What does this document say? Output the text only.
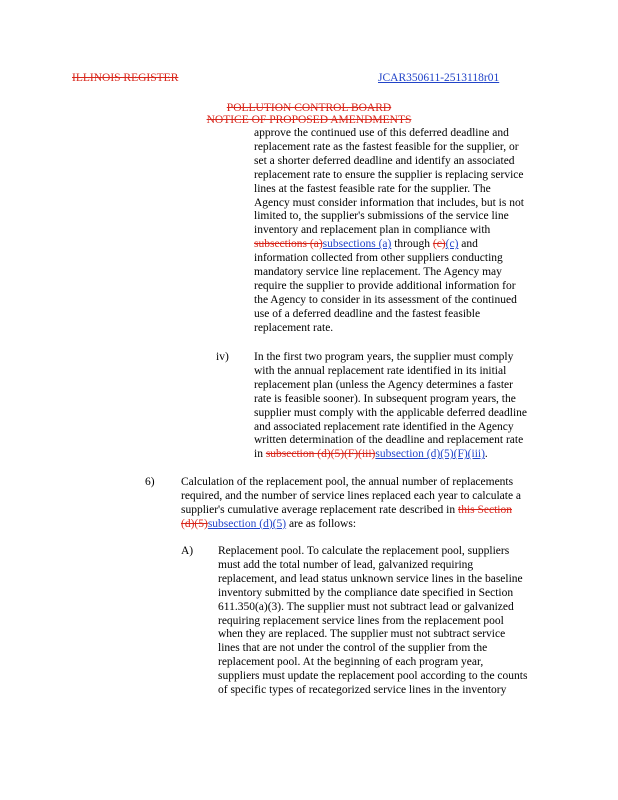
ILLINOIS REGISTER	JCAR350611-2513118r01
POLLUTION CONTROL BOARD
NOTICE OF PROPOSED AMENDMENTS

approve the continued use of this deferred deadline and

replacement rate as the fastest feasible for the supplier, or

set a shorter deferred deadline and identify an associated

replacement rate to ensure the supplier is replacing service

lines at the fastest feasible rate for the supplier. The

Agency must consider information that includes, but is not

limited to, the supplier's submissions of the service line

inventory and replacement plan in compliance with

subsections (a)subsections (a) through (c)(c) and

information collected from other suppliers conducting

mandatory service line replacement. The Agency may

require the supplier to provide additional information for

the Agency to consider in its assessment of the continued

use of a deferred deadline and the fastest feasible

replacement rate.

iv) In the first two program years, the supplier must comply

with the annual replacement rate identified in its initial

replacement plan (unless the Agency determines a faster

rate is feasible sooner). In subsequent program years, the

supplier must comply with the applicable deferred deadline

and associated replacement rate identified in the Agency

written determination of the deadline and replacement rate

in subsection (d)(5)(F)(iii)subsection (d)(5)(F)(iii).

6) Calculation of the replacement pool, the annual number of replacements

required, and the number of service lines replaced each year to calculate a

supplier's cumulative average replacement rate described in this Section

(d)(5)subsection (d)(5) are as follows:

A) Replacement pool. To calculate the replacement pool, suppliers

must add the total number of lead, galvanized requiring

replacement, and lead status unknown service lines in the baseline

inventory submitted by the compliance date specified in Section

611.350(a)(3). The supplier must not subtract lead or galvanized

requiring replacement service lines from the replacement pool

when they are replaced. The supplier must not subtract service

lines that are not under the control of the supplier from the

replacement pool. At the beginning of each program year,

suppliers must update the replacement pool according to the counts

of specific types of recategorized service lines in the inventory
